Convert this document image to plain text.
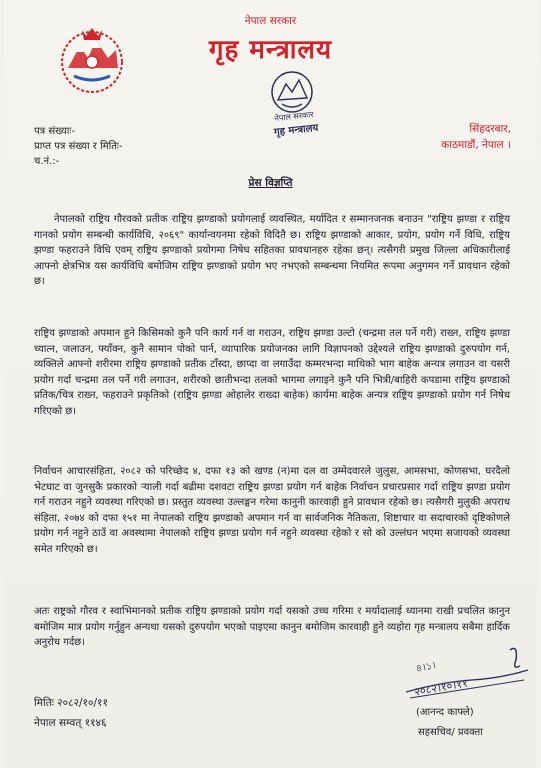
नेपाल सरकार
गृह मन्त्रालय
नेपाल सरकार
गृह मन्त्रालय
पत्र संख्याः-
प्राप्त पत्र संख्या र मितिः-
च.नं.:-
सिंहदरबार,
काठमाडौं, नेपाल ।
प्रेस विज्ञप्ति
नेपालको राष्ट्रिय गौरवको प्रतीक राष्ट्रिय झण्डाको प्रयोगलाई व्यवस्थित, मर्यादित र सम्मानजनक बनाउन "राष्ट्रिय झण्डा र राष्ट्रिय गानको प्रयोग सम्बन्धी कार्यविधि, २०६९" कार्यान्वयनमा रहेको विदितै छ। राष्ट्रिय झण्डाको आकार, प्रयोग, प्रयोग गर्ने विधि, राष्ट्रिय झण्डा फहराउने विधि एवम् राष्ट्रिय झण्डाको प्रयोगमा निषेध सहितका प्रावधानहरु रहेका छन्। त्यसैगरी प्रमुख जिल्ला अधिकारीलाई आफ्नो क्षेत्रभित्र यस कार्यविधि बमोजिम राष्ट्रिय झण्डाको प्रयोग भए नभएको सम्बन्धमा नियमित रूपमा अनुगमन गर्ने प्रावधान रहेको छ।
राष्ट्रिय झण्डाको अपमान हुने किसिमको कुनै पनि कार्य गर्न वा गराउन, राष्ट्रिय झण्डा उल्टो (चन्द्रमा तल पर्ने गरी) राख्न, राष्ट्रिय झण्डा च्यात्न, जलाउन, फ्याँक्न, कुनै सामान पोको पार्न, व्यापारिक प्रयोजनका लागि विज्ञापनको उद्देश्यले राष्ट्रिय झण्डाको दुरुपयोग गर्न, व्यक्तिले आफ्नो शरीरमा राष्ट्रिय झण्डाको प्रतीक टाँस्दा, छाप्दा वा लगाउँदा कम्मरभन्दा माथिको भाग बाहेक अन्यत्र लगाउन वा यसरी प्रयोग गर्दा चन्द्रमा तल पर्ने गरी लगाउन, शरीरको छातीभन्दा तलको भागमा लगाइने कुनै पनि भित्री/बाहिरी कपडामा राष्ट्रिय झण्डाको प्रतिक/चित्र राख्न, फहराउने प्रकृतिको (राष्ट्रिय झण्डा ओहालेर राख्दा बाहेक) कार्यमा बाहेक अन्यत्र राष्ट्रिय झण्डाको प्रयोग गर्न निषेध गरिएको छ।
निर्वाचन आचारसंहिता, २०८२ को परिच्छेद ४, दफा १३ को खण्ड (न)मा दल वा उम्मेदवारले जुलुस, आमसभा, कोणसभा, घरदैलो भेटघाट वा जुनसुकै प्रकारको र्‍याली गर्दा बढीमा दशवटा राष्ट्रिय झण्डा प्रयोग गर्न बाहेक निर्वाचन प्रचारप्रसार गर्दा राष्ट्रिय झण्डा प्रयोग गर्न गराउन नहुने व्यवस्था गरिएको छ। प्रस्तुत व्यवस्था उल्लङ्घन गरेमा कानुनी कारवाही हुने प्रावधान रहेको छ। त्यसैगरी मुलुकी अपराध संहिता, २०७४ को दफा १५१ मा नेपालको राष्ट्रिय झण्डाको अपमान गर्न वा सार्वजनिक नैतिकता, शिष्टाचार वा सदाचारको दृष्टिकोणले प्रयोग गर्न नहुने ठाउँ वा अवस्थामा नेपालको राष्ट्रिय झण्डा प्रयोग गर्न नहुने व्यवस्था रहेको र सो को उल्लंघन भएमा सजायको व्यवस्था समेत गरिएको छ।
अतः राष्ट्रको गौरव र स्वाभिमानको प्रतीक राष्ट्रिय झण्डाको प्रयोग गर्दा यसको उच्च गरिमा र मर्यादालाई ध्यानमा राखी प्रचलित कानुन बमोजिम मात्र प्रयोग गर्नुहुन अन्यथा यसको दुरुपयोग भएको पाइएमा कानुन बमोजिम कारवाही हुने व्यहोरा गृह मन्त्रालय सबैमा हार्दिक अनुरोध गर्दछ।
२०८२।१०।११
৪।১।
मितिः २०८२/१०/११
नेपाल सम्वत् ११४६
(आनन्द काफ्ले)
सहसचिव/ प्रवक्ता
